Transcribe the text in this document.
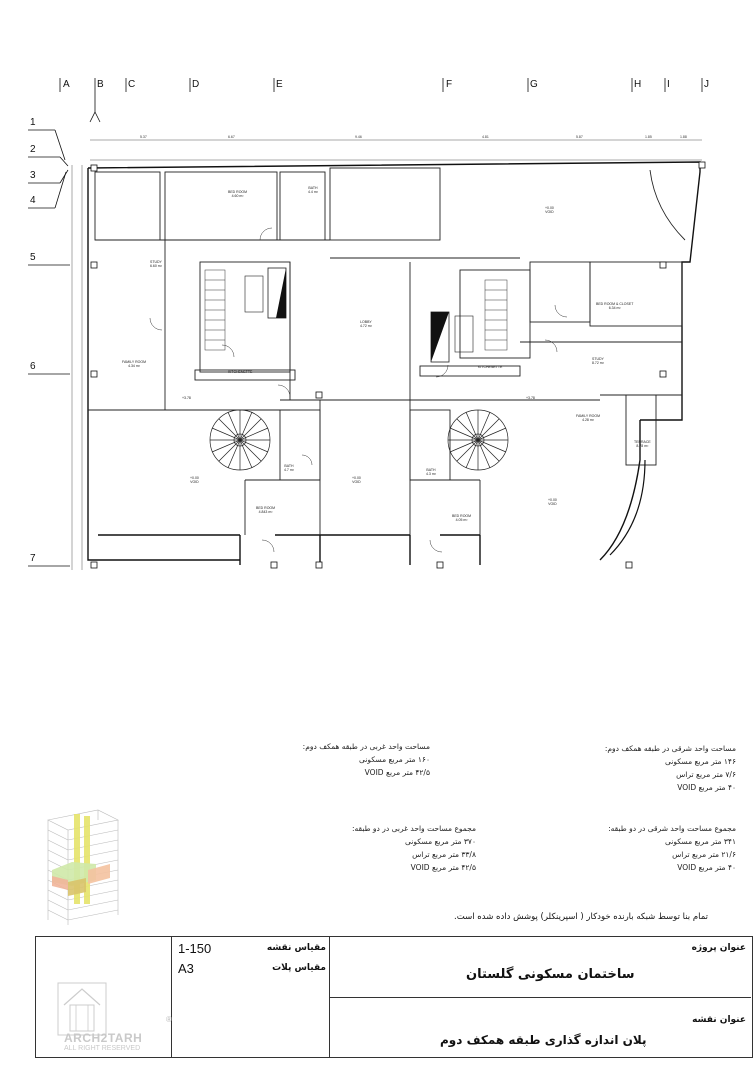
A	B C	D	E	F	G	H	I	J
1
2
3
4
5
6
7
5.37	6.67	9.46	4.81	5.87	1.85	1.88
BED ROOM
4.60 m²
BATH
4.4 m²
+0.00
VOID
STUDY
6.60 m²
LOBBY
4.72 m²
FAMILY ROOM
4.34 m²
KITCHENETTE
KITCHENETTE
BED ROOM & CLOSET
6.34 m²
STUDY
8.72 m²
FAMILY ROOM
4.28 m²
TERRACE
8.78 m²
+0.00
VOID
+0.00
VOID
+0.00
VOID
BED ROOM
4.843 m²
BED ROOM
4.05 m²
BATH
4.7 m²	BATH
4.3 m²
+3.78	+3.78
مساحت واحد غربی در طبقه همکف دوم:
۱۶۰ متر مربع مسکونی
۴۲/۵ متر مربع VOID
مساحت واحد شرقی در طبقه همکف دوم:
۱۴۶ متر مربع مسکونی
۷/۶ متر مربع تراس
۴۰ متر مربع VOID
مجموع مساحت واحد غربی در دو طبقه:
۳۷۰ متر مربع مسکونی
۳۳/۸ متر مربع تراس
۴۲/۵ متر مربع VOID
مجموع مساحت واحد شرقی در دو طبقه:
۳۴۱ متر مربع مسکونی
۲۱/۶ متر مربع تراس
۴۰ متر مربع VOID
تمام بنا توسط شبکه بارنده خودکار ( اسپرینکلر) پوشش داده شده است.
ARCH2TARH
®
ALL RIGHT RESERVED
1-150
A3
مقیاس نقشه
مقیاس پلات
عنوان پروژه
ساختمان مسکونی گلستان
عنوان نقشه
پلان اندازه گذاری طبقه همکف دوم
